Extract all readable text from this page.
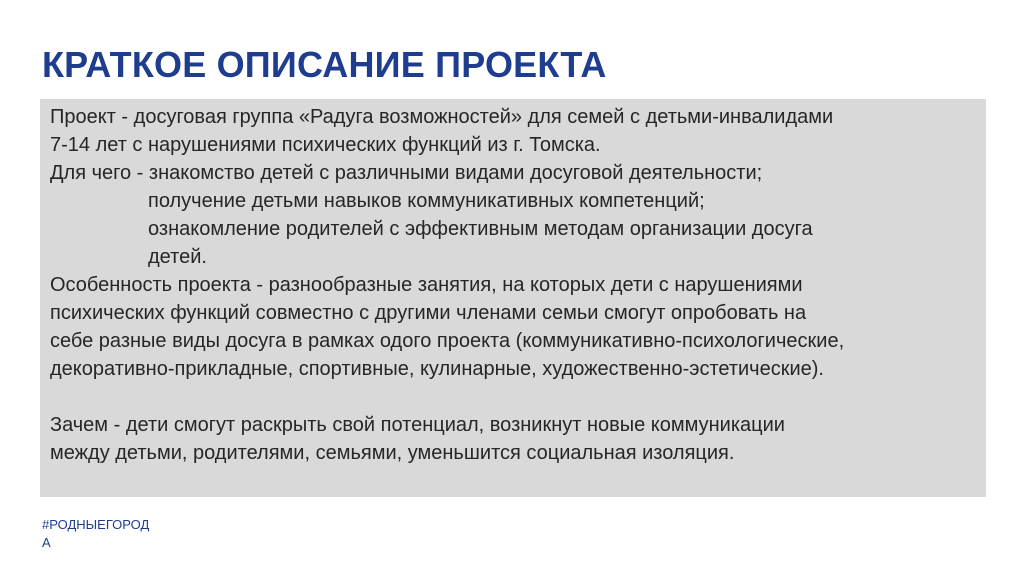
КРАТКОЕ ОПИСАНИЕ ПРОЕКТА

Проект - досуговая группа «Радуга возможностей» для семей с детьми-инвалидами

7-14 лет с нарушениями психических функций из г. Томска.

Для чего - знакомство детей с различными видами досуговой деятельности;

получение детьми навыков коммуникативных компетенций;

ознакомление родителей с эффективным методам организации досуга

детей.

Особенность проекта - разнообразные занятия, на которых дети с нарушениями

психических функций совместно с другими членами семьи смогут опробовать на

себе разные виды досуга в рамках одого проекта (коммуникативно-психологические,

декоративно-прикладные, спортивные, кулинарные, художественно-эстетические).

Зачем - дети смогут раскрыть свой потенциал, возникнут новые коммуникации

между детьми, родителями, семьями, уменьшится социальная изоляция.

#РОДНЫЕГОРОД
А
